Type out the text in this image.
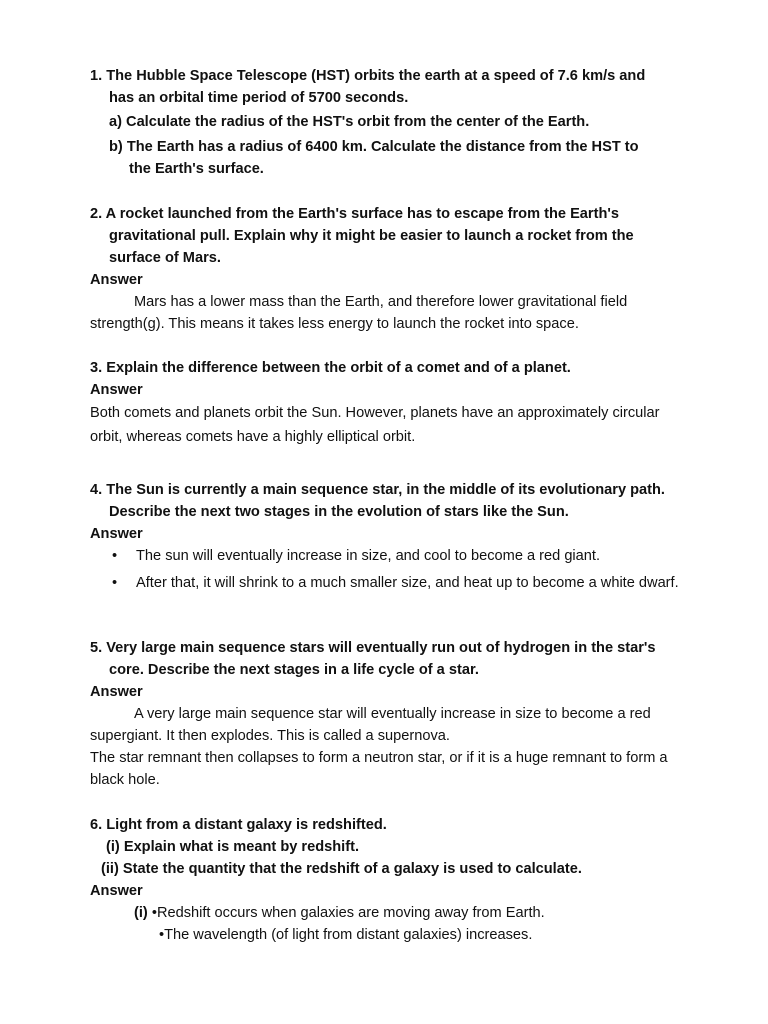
1. The Hubble Space Telescope (HST) orbits the earth at a speed of 7.6 km/s and
has an orbital time period of 5700 seconds.
a) Calculate the radius of the HST's orbit from the center of the Earth.
b) The Earth has a radius of 6400 km. Calculate the distance from the HST to
the Earth's surface.
2. A rocket launched from the Earth's surface has to escape from the Earth's
gravitational pull. Explain why it might be easier to launch a rocket from the
surface of Mars.
Answer
Mars has a lower mass than the Earth, and therefore lower gravitational field strength(g). This means it takes less energy to launch the rocket into space.
3. Explain the difference between the orbit of a comet and of a planet.
Answer
Both comets and planets orbit the Sun. However, planets have an approximately circular orbit, whereas comets have a highly elliptical orbit.
4. The Sun is currently a main sequence star, in the middle of its evolutionary path.
Describe the next two stages in the evolution of stars like the Sun.
Answer
• The sun will eventually increase in size, and cool to become a red giant.
• After that, it will shrink to a much smaller size, and heat up to become a white dwarf.
5. Very large main sequence stars will eventually run out of hydrogen in the star's
core. Describe the next stages in a life cycle of a star.
Answer
A very large main sequence star will eventually increase in size to become a red supergiant. It then explodes. This is called a supernova.
The star remnant then collapses to form a neutron star, or if it is a huge remnant to form a black hole.
6. Light from a distant galaxy is redshifted.
(i) Explain what is meant by redshift.
(ii) State the quantity that the redshift of a galaxy is used to calculate.
Answer
(i) •Redshift occurs when galaxies are moving away from Earth.
•The wavelength (of light from distant galaxies) increases.
